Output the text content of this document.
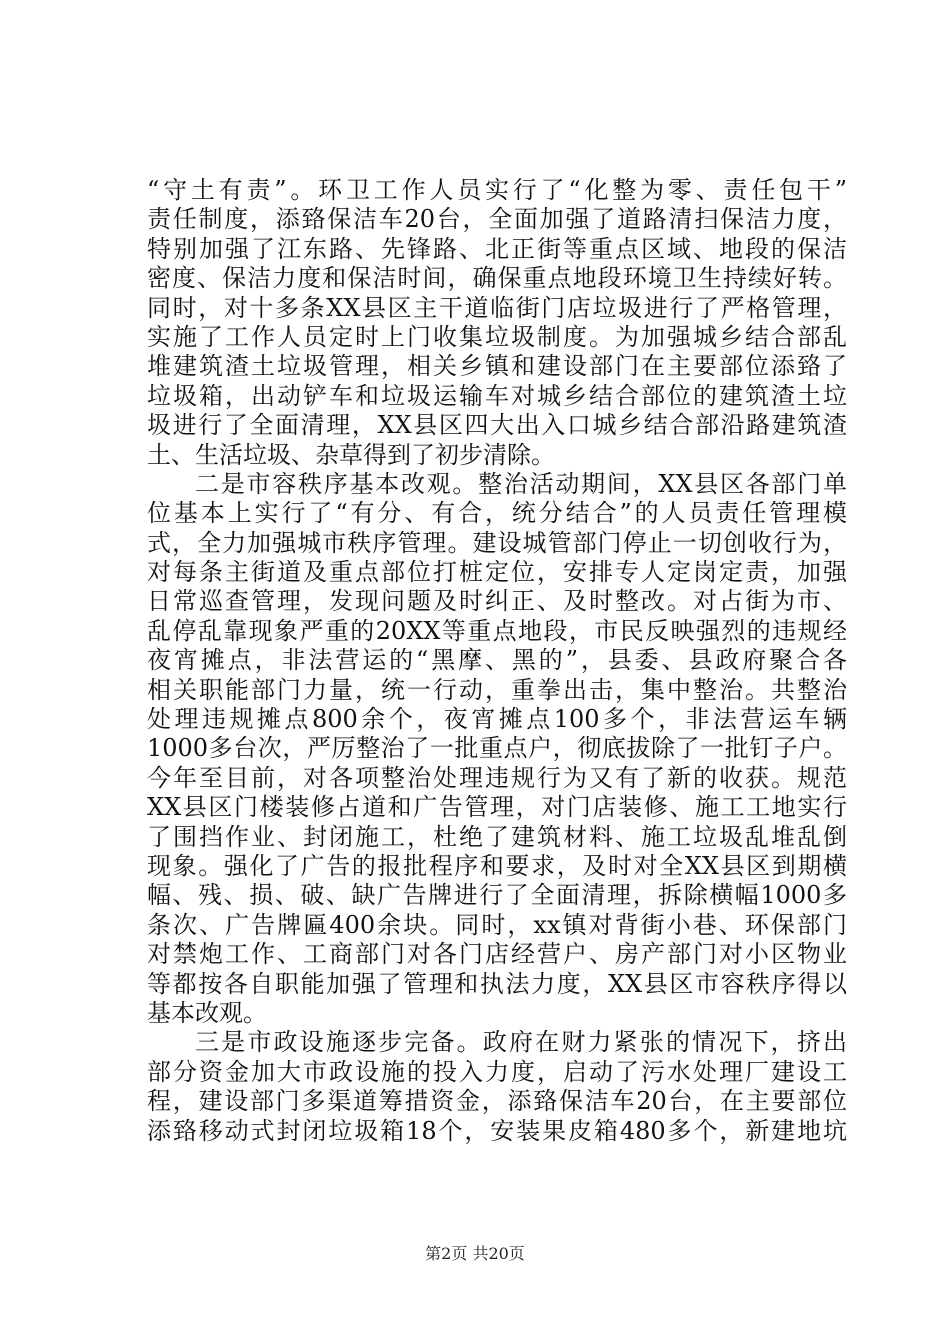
“守土有责”。环卫工作人员实行了“化整为零、责任包干”
责任制度，添臵保洁车20台，全面加强了道路清扫保洁力度，
特别加强了江东路、先锋路、北正街等重点区域、地段的保洁
密度、保洁力度和保洁时间，确保重点地段环境卫生持续好转。
同时，对十多条XX县区主干道临街门店垃圾进行了严格管理，
实施了工作人员定时上门收集垃圾制度。为加强城乡结合部乱
堆建筑渣土垃圾管理，相关乡镇和建设部门在主要部位添臵了
垃圾箱，出动铲车和垃圾运输车对城乡结合部位的建筑渣土垃
圾进行了全面清理，XX县区四大出入口城乡结合部沿路建筑渣
土、生活垃圾、杂草得到了初步清除。
二是市容秩序基本改观。整治活动期间，XX县区各部门单
位基本上实行了“有分、有合，统分结合”的人员责任管理模
式，全力加强城市秩序管理。建设城管部门停止一切创收行为，
对每条主街道及重点部位打桩定位，安排专人定岗定责，加强
日常巡查管理，发现问题及时纠正、及时整改。对占街为市、
乱停乱靠现象严重的20XX等重点地段，市民反映强烈的违规经
夜宵摊点，非法营运的“黑摩、黑的”，县委、县政府聚合各
相关职能部门力量，统一行动，重拳出击，集中整治。共整治
处理违规摊点800余个，夜宵摊点100多个，非法营运车辆
1000多台次，严厉整治了一批重点户，彻底拔除了一批钉子户。
今年至目前，对各项整治处理违规行为又有了新的收获。规范
XX县区门楼装修占道和广告管理，对门店装修、施工工地实行
了围挡作业、封闭施工，杜绝了建筑材料、施工垃圾乱堆乱倒
现象。强化了广告的报批程序和要求，及时对全XX县区到期横
幅、残、损、破、缺广告牌进行了全面清理，拆除横幅1000多
条次、广告牌匾400余块。同时，xx镇对背街小巷、环保部门
对禁炮工作、工商部门对各门店经营户、房产部门对小区物业
等都按各自职能加强了管理和执法力度，XX县区市容秩序得以
基本改观。
三是市政设施逐步完备。政府在财力紧张的情况下，挤出
部分资金加大市政设施的投入力度，启动了污水处理厂建设工
程，建设部门多渠道筹措资金，添臵保洁车20台，在主要部位
添臵移动式封闭垃圾箱18个，安装果皮箱480多个，新建地坑
第2页 共20页
